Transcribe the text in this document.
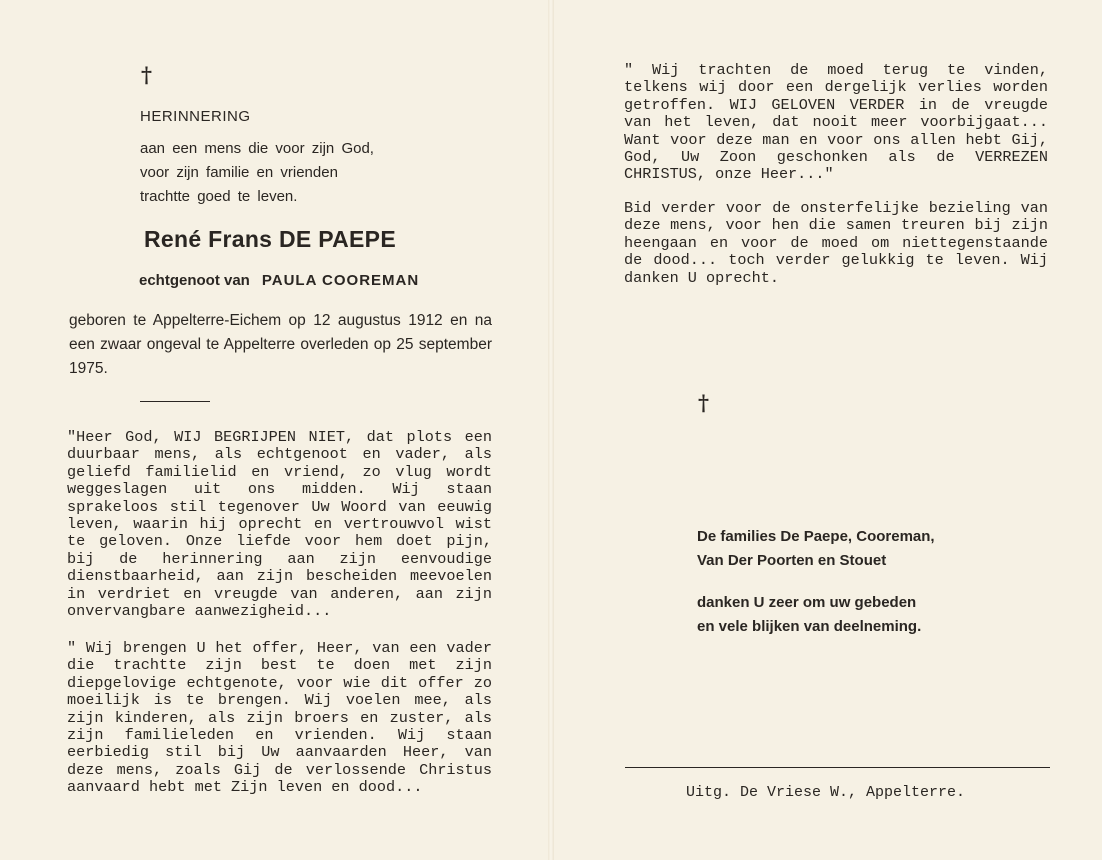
†
HERINNERING
aan een mens die voor zijn God,
voor zijn familie en vrienden
trachtte goed te leven.
René Frans DE PAEPE
echtgenoot van PAULA COOREMAN

geboren te Appelterre-Eichem op 12 augustus 1912 en na een zwaar ongeval te Appelterre overleden op 25 september 1975.

"Heer God, WIJ BEGRIJPEN NIET, dat plots een duurbaar mens, als echtgenoot en vader, als geliefd familielid en vriend, zo vlug wordt weggeslagen uit ons midden. Wij staan sprakeloos stil tegenover Uw Woord van eeuwig leven, waarin hij oprecht en vertrouwvol wist te geloven. Onze liefde voor hem doet pijn, bij de herinnering aan zijn eenvoudige dienstbaarheid, aan zijn bescheiden meevoelen in verdriet en vreugde van anderen, aan zijn onvervangbare aanwezigheid...

" Wij brengen U het offer, Heer, van een vader die trachtte zijn best te doen met zijn diepgelovige echtgenote, voor wie dit offer zo moeilijk is te brengen. Wij voelen mee, als zijn kinderen, als zijn broers en zuster, als zijn familieleden en vrienden. Wij staan eerbiedig stil bij Uw aanvaarden Heer, van deze mens, zoals Gij de verlossende Christus aanvaard hebt met Zijn leven en dood...

" Wij trachten de moed terug te vinden, telkens wij door een dergelijk verlies worden getroffen. WIJ GELOVEN VERDER in de vreugde van het leven, dat nooit meer voorbijgaat... Want voor deze man en voor ons allen hebt Gij, God, Uw Zoon geschonken als de VERREZEN CHRISTUS, onze Heer..."

Bid verder voor de onsterfelijke bezieling van deze mens, voor hen die samen treuren bij zijn heengaan en voor de moed om niettegenstaande de dood... toch verder gelukkig te leven. Wij danken U oprecht.

†
De families De Paepe, Cooreman,
Van Der Poorten en Stouet
danken U zeer om uw gebeden
en vele blijken van deelneming.
Uitg. De Vriese W., Appelterre.
